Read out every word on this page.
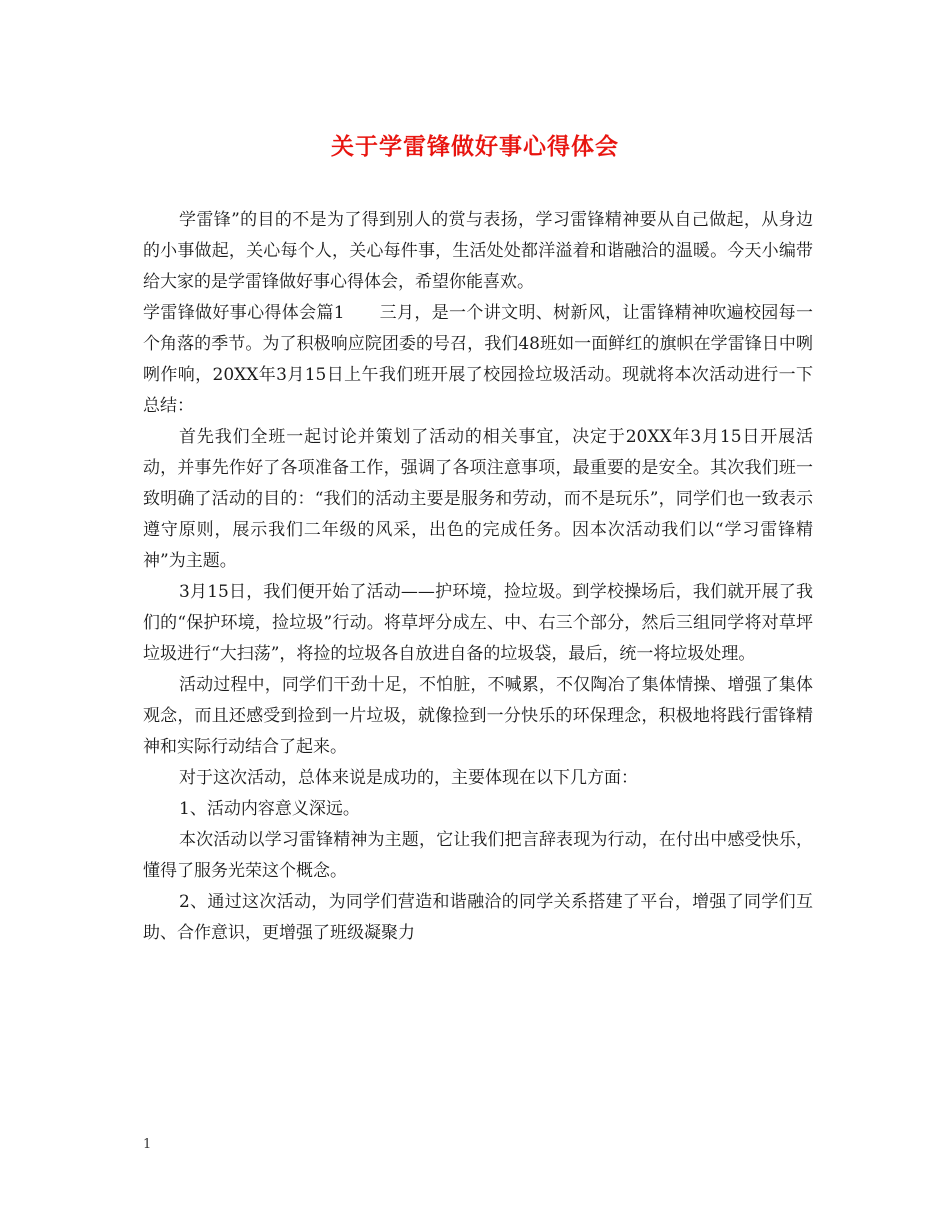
关于学雷锋做好事心得体会

学雷锋”的目的不是为了得到别人的赏与表扬，学习雷锋精神要从自己做起，从身边的小事做起，关心每个人，关心每件事，生活处处都洋溢着和谐融洽的温暖。今天小编带给大家的是学雷锋做好事心得体会，希望你能喜欢。

学雷锋做好事心得体会篇1　　三月，是一个讲文明、树新风，让雷锋精神吹遍校园每一个角落的季节。为了积极响应院团委的号召，我们48班如一面鲜红的旗帜在学雷锋日中咧咧作响，20XX年3月15日上午我们班开展了校园捡垃圾活动。现就将本次活动进行一下总结：

首先我们全班一起讨论并策划了活动的相关事宜，决定于20XX年3月15日开展活动，并事先作好了各项准备工作，强调了各项注意事项，最重要的是安全。其次我们班一致明确了活动的目的：“我们的活动主要是服务和劳动，而不是玩乐”，同学们也一致表示遵守原则，展示我们二年级的风采，出色的完成任务。因本次活动我们以“学习雷锋精神”为主题。

3月15日，我们便开始了活动——护环境，捡垃圾。到学校操场后，我们就开展了我们的“保护环境，捡垃圾”行动。将草坪分成左、中、右三个部分，然后三组同学将对草坪垃圾进行“大扫荡”，将捡的垃圾各自放进自备的垃圾袋，最后，统一将垃圾处理。

活动过程中，同学们干劲十足，不怕脏，不喊累，不仅陶冶了集体情操、增强了集体观念，而且还感受到捡到一片垃圾，就像捡到一分快乐的环保理念，积极地将践行雷锋精神和实际行动结合了起来。

对于这次活动，总体来说是成功的，主要体现在以下几方面：

1、活动内容意义深远。

本次活动以学习雷锋精神为主题，它让我们把言辞表现为行动，在付出中感受快乐，懂得了服务光荣这个概念。

2、通过这次活动，为同学们营造和谐融洽的同学关系搭建了平台，增强了同学们互助、合作意识，更增强了班级凝聚力

1
